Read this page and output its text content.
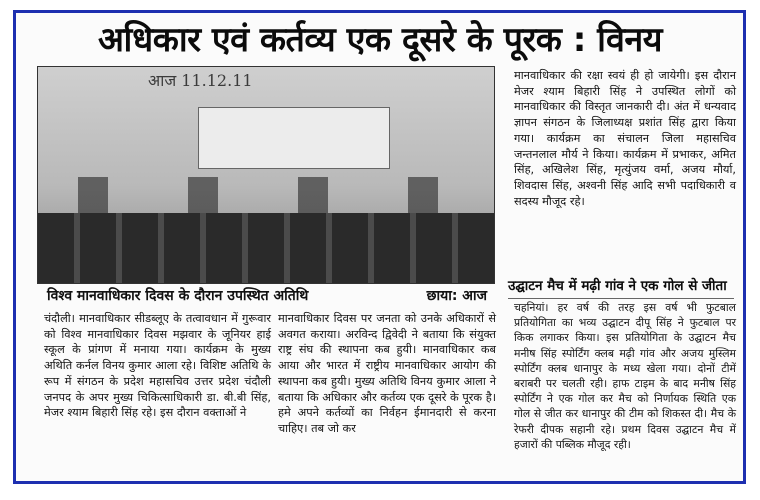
अधिकार एवं कर्तव्य एक दूसरे के पूरक : विनय
आज 11.12.11
विश्व मानवाधिकार दिवस के दौरान उपस्थित अतिथि	छाया: आज
मानवाधिकार की रक्षा स्वयं ही हो जायेगी। इस दौरान मेजर श्याम बिहारी सिंह ने उपस्थित लोगों को मानवाधिकार की विस्तृत जानकारी दी। अंत में धन्यवाद ज्ञापन संगठन के जिलाध्यक्ष प्रशांत सिंह द्वारा किया गया। कार्यक्रम का संचालन जिला महासचिव जन्तनलाल मौर्य ने किया। कार्यक्रम में प्रभाकर, अमित सिंह, अखिलेश सिंह, मृत्युंजय वर्मा, अजय मौर्या, शिवदास सिंह, अश्वनी सिंह आदि सभी पदाधिकारी व सदस्य मौजूद रहे।
चंदौली। मानवाधिकार सीडब्लूए के तत्वावधान में गुरूवार को विश्व मानवाधिकार दिवस मझवार के जूनियर हाई स्कूल के प्रांगण में मनाया गया। कार्यक्रम के मुख्य अथिति कर्नल विनय कुमार आला रहे। विशिष्ट अतिथि के रूप में संगठन के प्रदेश महासचिव उत्तर प्रदेश चंदौली जनपद के अपर मुख्य चिकित्साधिकारी डा. बी.बी सिंह, मेजर श्याम बिहारी सिंह रहे। इस दौरान वक्ताओं ने
मानवाधिकार दिवस पर जनता को उनके अधिकारों से अवगत कराया। अरविन्द द्विवेदी ने बताया कि संयुक्त राष्ट्र संघ की स्थापना कब हुयी। मानवाधिकार कब आया और भारत में राष्ट्रीय मानवाधिकार आयोग की स्थापना कब हुयी। मुख्य अतिथि विनय कुमार आला ने बताया कि अधिकार और कर्तव्य एक दूसरे के पूरक है। हमे अपने कर्तव्यों का निर्वहन ईमानदारी से करना चाहिए। तब जो कर
उद्घाटन मैच में मढ़ी गांव ने एक गोल से जीता
चहनियां। हर वर्ष की तरह इस वर्ष भी फुटबाल प्रतियोगिता का भव्य उद्घाटन दीपू सिंह ने फुटबाल पर किक लगाकर किया। इस प्रतियोगिता के उद्घाटन मैच मनीष सिंह स्पोर्टिंग क्लब मढ़ी गांव और अजय मुस्लिम स्पोर्टिंग क्लब धानापुर के मध्य खेला गया। दोनों टीमें बराबरी पर चलती रही। हाफ टाइम के बाद मनीष सिंह स्पोर्टिंग ने एक गोल कर मैच को निर्णायक स्थिति एक गोल से जीत कर धानापुर की टीम को शिकस्त दी। मैच के रेफरी दीपक सहानी रहे। प्रथम दिवस उद्घाटन मैच में हजारों की पब्लिक मौजूद रही।
